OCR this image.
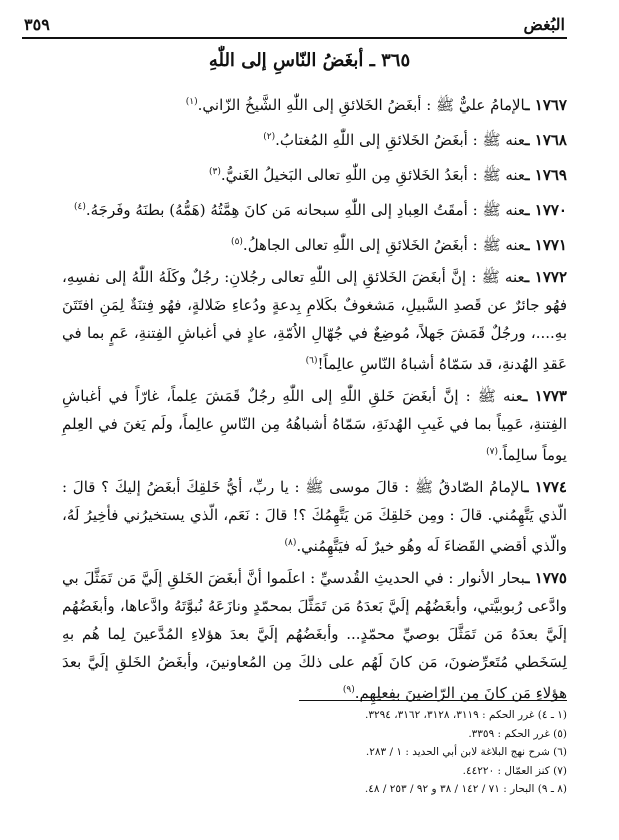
البُغض
٣٥٩
٣٦٥ ـ أبغَضُ النّاسِ إلى اللّٰهِ

١٧٦٧ ـالإمامُ عليٌّ ﷺ : أبغَضُ الخَلائقِ إلى اللّٰهِ الشَّيخُ الزّاني.$^{(١)}$

١٧٦٨ ـعنه ﷺ : أبغَضُ الخَلائقِ إلى اللّٰهِ المُغتابُ.$^{(٢)}$

١٧٦٩ ـعنه ﷺ : أبعَدُ الخَلائقِ مِن اللّٰهِ تعالى البَخيلُ الغَنيُّ.$^{(٣)}$

١٧٧٠ ـعنه ﷺ : أمقَتُ العِبادِ إلى اللّٰهِ سبحانه مَن كانَ هِمَّتُهُ (هَمُّهُ) بطنَهُ وفَرجَهُ.$^{(٤)}$

١٧٧١ ـعنه ﷺ : أبغَضُ الخَلائقِ إلى اللّٰهِ تعالى الجاهلُ.$^{(٥)}$

١٧٧٢ ـعنه ﷺ : إنَّ أبغَضَ الخَلائقِ إلى اللّٰهِ تعالى رجُلانِ: رجُلٌ وكَلَهُ اللّٰهُ إلى نفسِهِ، فهُو جائرٌ عن قَصدِ السَّبيلِ، مَشغوفٌ بكَلامِ بِدعةٍ ودُعاءِ ضَلالةٍ، فهُو فِتنَةٌ لِمَنِ افتَتَنَ بهِ....، ورجُلٌ قَمَشَ جَهلاً، مُوضِعٌ في جُهّالِ الاُمّةِ، عادٍ في أغباشِ الفِتنةِ، عَمٍ بما في عَقدِ الهُدنةِ، قد سَمّاهُ أشباهُ النّاسِ عالِماً!$^{(٦)}$

١٧٧٣ ـعنه ﷺ : إنَّ أبغَضَ خَلقِ اللّٰهِ إلى اللّٰهِ رجُلٌ قَمَشَ عِلماً، غارّاً في أغباشِ الفِتنةِ، عَمِياً بما في غَيبِ الهُدنَةِ، سَمّاهُ أشباهُهُ مِن النّاسِ عالِماً، ولَم يَغنَ في العِلمِ يوماً سالِماً.$^{(٧)}$

١٧٧٤ ـالإمامُ الصّادقُ ﷺ : قالَ موسى ﷺ : يا ربِّ، أيُّ خَلقِكَ أبغَضُ إليكَ ؟ قالَ : الّذي يَتَّهِمُني. قالَ : ومِن خَلقِكَ مَن يَتَّهِمُكَ ؟! قالَ : نَعَم، الّذي يستخيرُني فأخِيرُ لَهُ، والّذي أقضي القَضاءَ لَه وهُو خيرٌ لَه فيَتَّهِمُني.$^{(٨)}$

١٧٧٥ ـبحار الأنوار : في الحديثِ القُدسيِّ : اعلَموا أنَّ أبغَضَ الخَلقِ إلَيَّ مَن تَمَثَّلَ بي وادَّعى رُبوبيَّتي، وأبغَضُهُم إلَيَّ بَعدَهُ مَن تَمَثَّلَ بمحمّدٍ ونازَعَهُ نُبوَّتَهُ وادَّعاها، وأبغَضُهُم إلَيَّ بعدَهُ مَن تَمَثَّلَ بوصيِّ محمّدٍ... وأبغَضُهُم إلَيَّ بعدَ هؤلاءِ المُدَّعينَ لِما هُم بهِ لِسَخَطي مُتَعرِّضونَ، مَن كانَ لَهُم على ذلكَ مِن المُعاونينَ، وأبغَضُ الخَلقِ إلَيَّ بعدَ هؤلاءِ مَن كانَ مِن الرّاضينَ بفِعلِهِم.$^{(٩)}$

(١ ـ ٤) غرر الحكم : ٣١١٩، ٣١٢٨، ٣١٦٢، ٣٢٩٤.

(٥) غرر الحكم : ٣٣٥٩.

(٦) شرح نهج البلاغة لابن أبي الحديد : ١ / ٢٨٣.

(٧) كنز العمّال : ٤٤٢٢٠.

(٨ ـ ٩) البحار : ٧١ / ١٤٢ / ٣٨ و ٩٢ / ٢٥٣ / ٤٨.
